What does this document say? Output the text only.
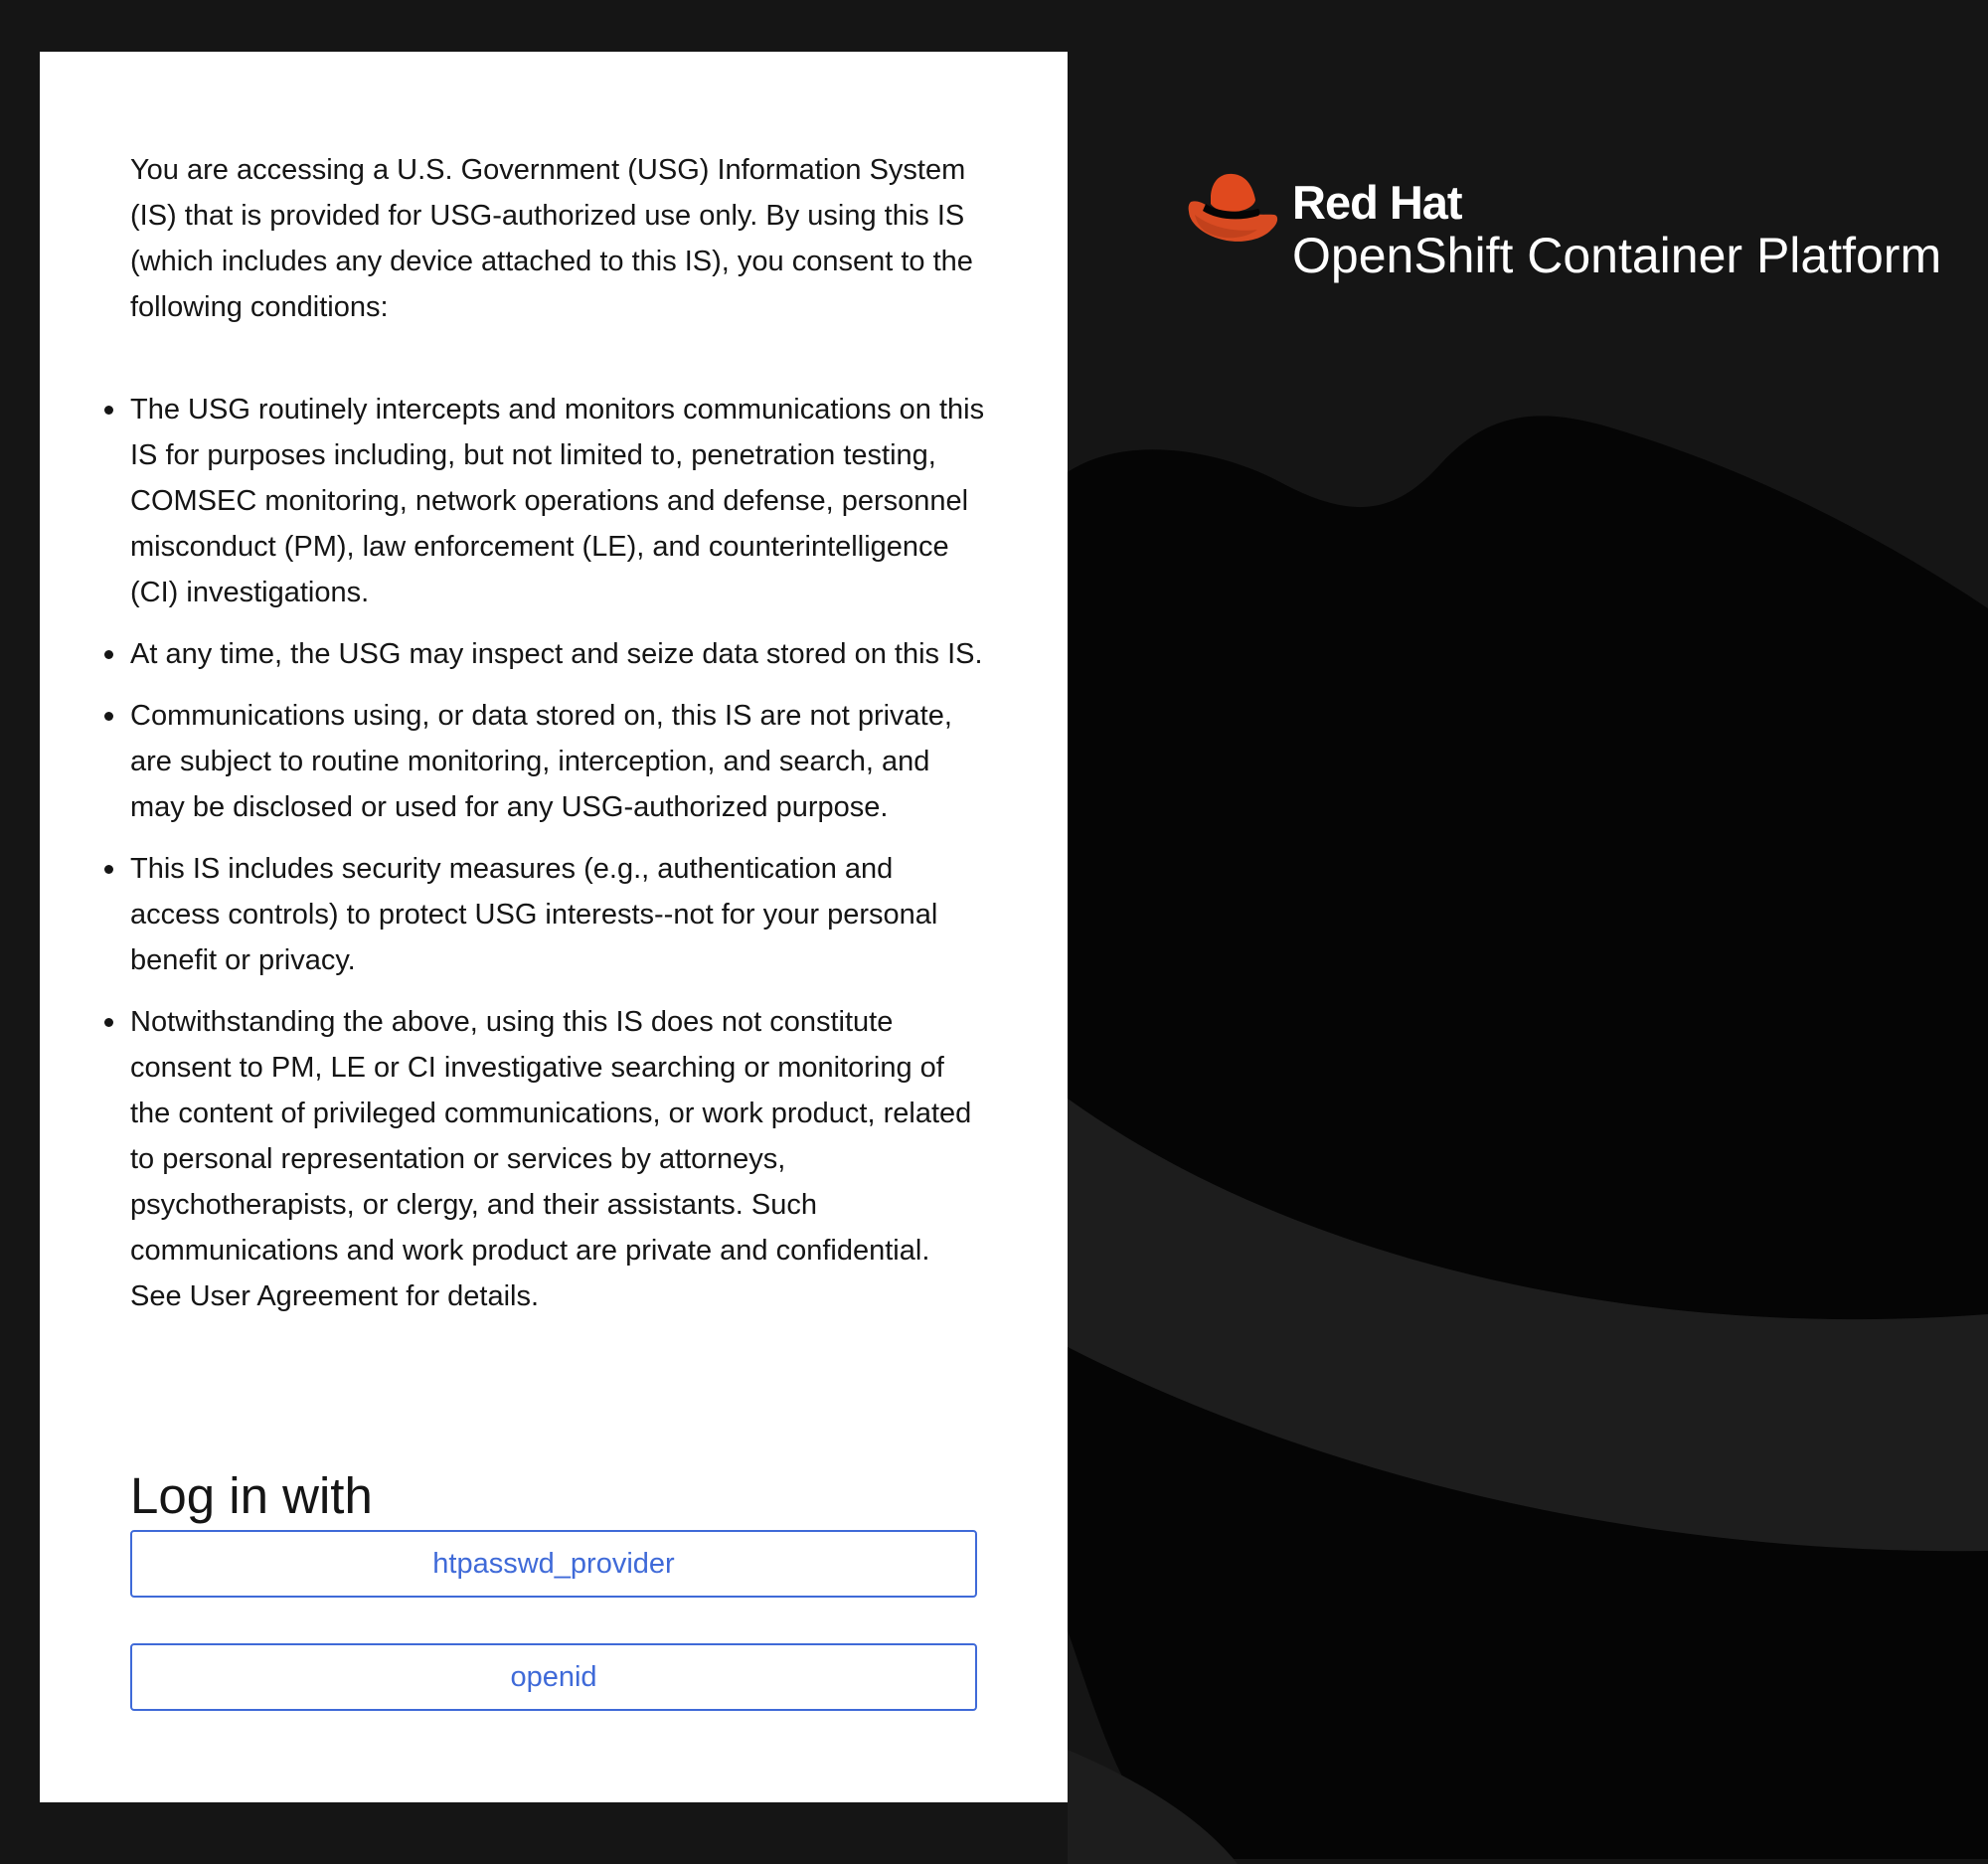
You are accessing a U.S. Government (USG) Information System (IS) that is provided for USG-authorized use only. By using this IS (which includes any device attached to this IS), you consent to the following conditions:

The USG routinely intercepts and monitors communications on this IS for purposes including, but not limited to, penetration testing, COMSEC monitoring, network operations and defense, personnel misconduct (PM), law enforcement (LE), and counterintelligence (CI) investigations.
At any time, the USG may inspect and seize data stored on this IS.
Communications using, or data stored on, this IS are not private, are subject to routine monitoring, interception, and search, and may be disclosed or used for any USG-authorized purpose.
This IS includes security measures (e.g., authentication and access controls) to protect USG interests--not for your personal benefit or privacy.
Notwithstanding the above, using this IS does not constitute consent to PM, LE or CI investigative searching or monitoring of the content of privileged communications, or work product, related to personal representation or services by attorneys, psychotherapists, or clergy, and their assistants. Such communications and work product are private and confidential. See User Agreement for details.
Log in with
htpasswd_provider
openid
Red Hat
OpenShift Container Platform
